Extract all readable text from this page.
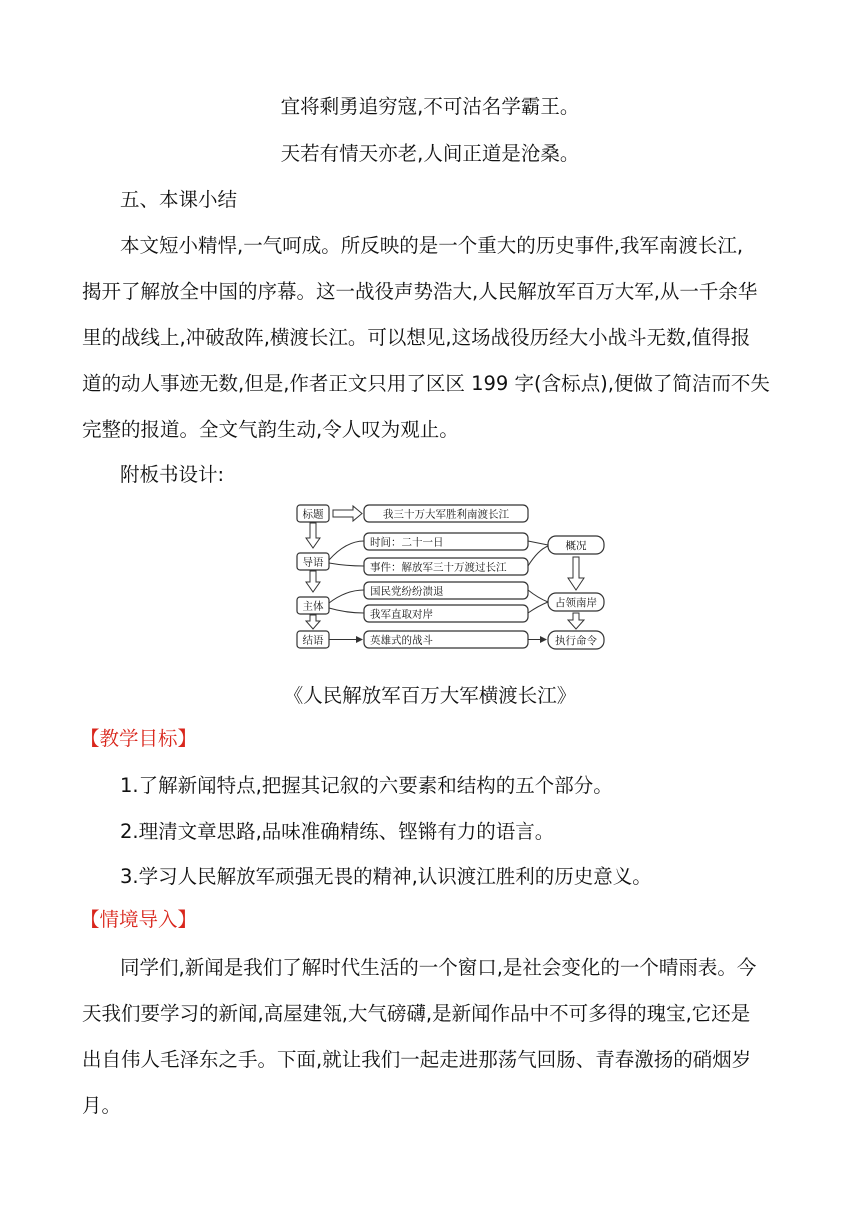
宜将剩勇追穷寇,不可沽名学霸王。
天若有情天亦老,人间正道是沧桑。
五、本课小结
本文短小精悍,一气呵成。所反映的是一个重大的历史事件,我军南渡长江,
揭开了解放全中国的序幕。这一战役声势浩大,人民解放军百万大军,从一千余华
里的战线上,冲破敌阵,横渡长江。可以想见,这场战役历经大小战斗无数,值得报
道的动人事迹无数,但是,作者正文只用了区区 199 字(含标点),便做了简洁而不失
完整的报道。全文气韵生动,令人叹为观止。
附板书设计:
标题
导语
主体
结语
我三十万大军胜利南渡长江
时间：二十一日
事件：解放军三十万渡过长江
国民党纷纷溃退
我军直取对岸
英雄式的战斗
概况
占领南岸
执行命令
《人民解放军百万大军横渡长江》
【教学目标】
1.了解新闻特点,把握其记叙的六要素和结构的五个部分。
2.理清文章思路,品味准确精练、铿锵有力的语言。
3.学习人民解放军顽强无畏的精神,认识渡江胜利的历史意义。
【情境导入】
同学们,新闻是我们了解时代生活的一个窗口,是社会变化的一个晴雨表。今
天我们要学习的新闻,高屋建瓴,大气磅礴,是新闻作品中不可多得的瑰宝,它还是
出自伟人毛泽东之手。下面,就让我们一起走进那荡气回肠、青春激扬的硝烟岁
月。
